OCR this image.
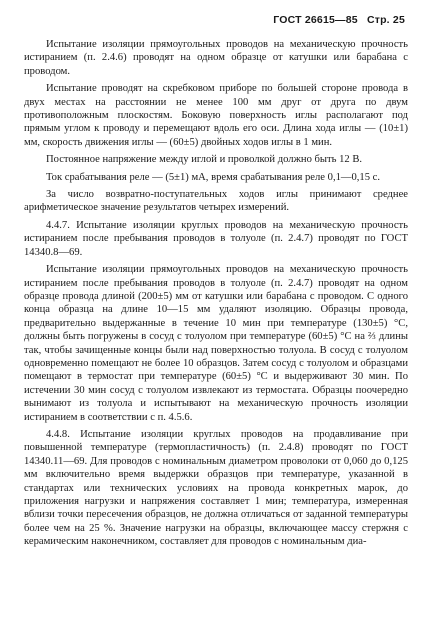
ГОСТ 26615—85 Стр. 25

Испытание изоляции прямоугольных проводов на механическую прочность истиранием (п. 2.4.6) проводят на одном образце от катушки или барабана с проводом.

Испытание проводят на скребковом приборе по большей стороне провода в двух местах на расстоянии не менее 100 мм друг от друга по двум противоположным плоскостям. Боковую поверхность иглы располагают под прямым углом к проводу и перемещают вдоль его оси. Длина хода иглы — (10±1) мм, скорость движения иглы — (60±5) двойных ходов иглы в 1 мин.

Постоянное напряжение между иглой и проволкой должно быть 12 В.

Ток срабатывания реле — (5±1) мА, время срабатывания реле 0,1—0,15 с.

За число возвратно-поступательных ходов иглы принимают среднее арифметическое значение результатов четырех измерений.

4.4.7. Испытание изоляции круглых проводов на механическую прочность истиранием после пребывания проводов в толуоле (п. 2.4.7) проводят по ГОСТ 14340.8—69.

Испытание изоляции прямоугольных проводов на механическую прочность истиранием после пребывания проводов в толуоле (п. 2.4.7) проводят на одном образце провода длиной (200±5) мм от катушки или барабана с проводом. С одного конца образца на длине 10—15 мм удаляют изоляцию. Образцы провода, предварительно выдержанные в течение 10 мин при температуре (130±5) °С, должны быть погружены в сосуд с толуолом при температуре (60±5) °С на ⅔ длины так, чтобы зачищенные концы были над поверхностью толуола. В сосуд с толуолом одновременно помещают не более 10 образцов. Затем сосуд с толуолом и образцами помещают в термостат при температуре (60±5) °С и выдерживают 30 мин. По истечении 30 мин сосуд с толуолом извлекают из термостата. Образцы поочередно вынимают из толуола и испытывают на механическую прочность изоляции истиранием в соответствии с п. 4.5.6.

4.4.8. Испытание изоляции круглых проводов на продавливание при повышенной температуре (термопластичность) (п. 2.4.8) проводят по ГОСТ 14340.11—69. Для проводов с номинальным диаметром проволоки от 0,060 до 0,125 мм включительно время выдержки образцов при температуре, указанной в стандартах или технических условиях на провода конкретных марок, до приложения нагрузки и напряжения составляет 1 мин; температура, измеренная вблизи точки пересечения образцов, не должна отличаться от заданной температуры более чем на 25 %. Значение нагрузки на образцы, включающее массу стержня с керамическим наконечником, составляет для проводов с номинальным диа-
